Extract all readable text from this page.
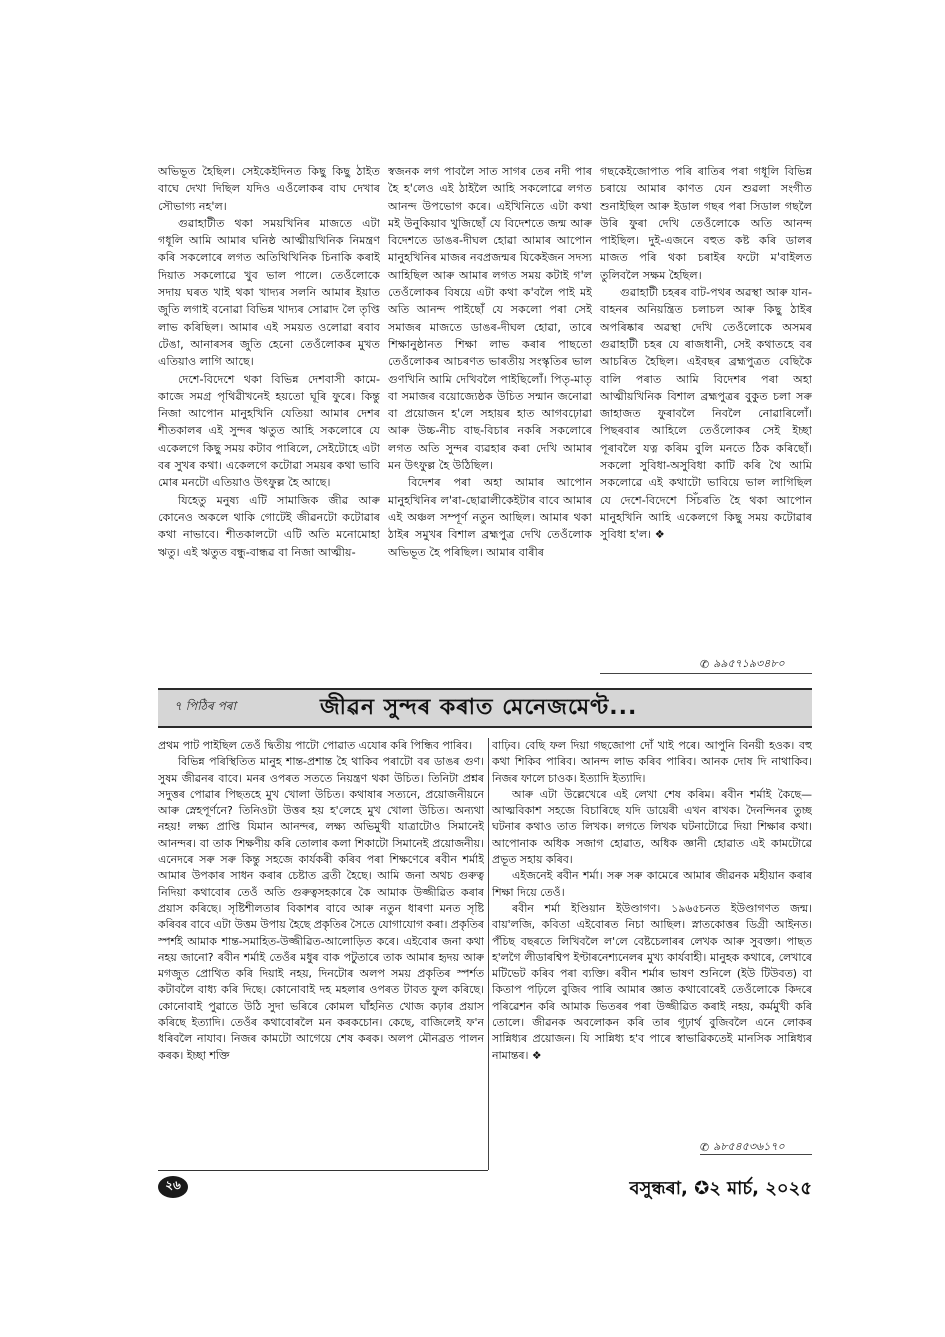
অভিভূত হৈছিল। সেইকেইদিনত কিছু কিছু ঠাইত বাঘে দেখা দিছিল যদিও এওঁলোকৰ বাঘ দেখাৰ সৌভাগ্য নহ'ল।

গুৱাহাটীত থকা সময়খিনিৰ মাজতে এটা গধূলি আমি আমাৰ ঘনিষ্ঠ আত্মীয়খিনিক নিমন্ত্ৰণ কৰি সকলোৰে লগত অতিথিখিনিক চিনাকি কৰাই দিয়াত সকলোৱে খুব ভাল পালে। তেওঁলোকে সদায় ঘৰত খাই থকা খাদ্যৰ সলনি আমাৰ ইয়াত জুতি লগাই বনোৱা বিভিন্ন খাদ্যৰ সোৱাদ লৈ তৃপ্তি লাভ কৰিছিল। আমাৰ এই সময়ত ওলোৱা ৰবাব টেঙা, আনাৰসৰ জুতি হেনো তেওঁলোকৰ মুখত এতিয়াও লাগি আছে।

দেশে-বিদেশে থকা বিভিন্ন দেশবাসী কামে-কাজে সমগ্ৰ পৃথিৱীখনেই হয়তো ঘূৰি ফুৰে। কিন্তু নিজা আপোন মানুহখিনি যেতিয়া আমাৰ দেশৰ শীতকালৰ এই সুন্দৰ ঋতুত আহি সকলোৰে যে একেলগে কিছু সময় কটাব পাৰিলে, সেইটোহে এটা বৰ সুখৰ কথা। একেলগে কটোৱা সময়ৰ কথা ভাবি মোৰ মনটো এতিয়াও উৎফুল্ল হৈ আছে।

যিহেতু মনুষ্য এটি সামাজিক জীৱ আৰু কোনেও অকলে থাকি গোটেই জীৱনটো কটোৱাৰ কথা নাভাবে। শীতকালটো এটি অতি মনোমোহা ঋতু। এই ঋতুত বন্ধু-বান্ধৱ বা নিজা আত্মীয়-

স্বজনক লগ পাবলৈ সাত সাগৰ তেৰ নদী পাৰ হৈ হ'লেও এই ঠাইলৈ আহি সকলোৱে লগত আনন্দ উপভোগ কৰে। এইখিনিতে এটা কথা মই উনুকিয়াব খুজিছোঁ যে বিদেশতে জন্ম আৰু বিদেশতে ডাঙৰ-দীঘল হোৱা আমাৰ আপোন মানুহখিনিৰ মাজৰ নবপ্ৰজন্মৰ যিকেইজন সদস্য আহিছিল আৰু আমাৰ লগত সময় কটাই গ'ল তেওঁলোকৰ বিষয়ে এটা কথা ক'বলৈ পাই মই অতি আনন্দ পাইছোঁ যে সকলো পৰা সেই সমাজৰ মাজতে ডাঙৰ-দীঘল হোৱা, তাৰে শিক্ষানুষ্ঠানত শিক্ষা লাভ কৰাৰ পাছতো তেওঁলোকৰ আচৰণত ভাৰতীয় সংস্কৃতিৰ ভাল গুণখিনি আমি দেখিবলৈ পাইছিলোঁ। পিতৃ-মাতৃ বা সমাজৰ বয়োজ্যেষ্ঠক উচিত সন্মান জনোৱা বা প্ৰয়োজন হ'লে সহায়ৰ হাত আগবঢ়োৱা আৰু উচ্চ-নীচ বাছ-বিচাৰ নকৰি সকলোৰে লগত অতি সুন্দৰ ব্যৱহাৰ কৰা দেখি আমাৰ মন উৎফুল্ল হৈ উঠিছিল।

বিদেশৰ পৰা অহা আমাৰ আপোন মানুহখিনিৰ ল'ৰা-ছোৱালীকেইটাৰ বাবে আমাৰ এই অঞ্চল সম্পূৰ্ণ নতুন আছিল। আমাৰ থকা ঠাইৰ সমুখৰ বিশাল ব্ৰহ্মপুত্ৰ দেখি তেওঁলোক অভিভূত হৈ পৰিছিল। আমাৰ বাৰীৰ

গছকেইজোপাত পৰি ৰাতিৰ পৰা গধূলি বিভিন্ন চৰায়ে আমাৰ কাণত যেন শুৱলা সংগীত শুনাইছিল আৰু ইডাল গছৰ পৰা সিডাল গছলৈ উৰি ফুৰা দেখি তেওঁলোকে অতি আনন্দ পাইছিল। দুই-এজনে বহুত কষ্ট কৰি ডালৰ মাজত পৰি থকা চৰাইৰ ফটো ম'বাইলত তুলিবলৈ সক্ষম হৈছিল।

গুৱাহাটী চহৰৰ বাট-পথৰ অৱস্থা আৰু যান-বাহনৰ অনিয়ন্ত্ৰিত চলাচল আৰু কিছু ঠাইৰ অপৰিষ্কাৰ অৱস্থা দেখি তেওঁলোকে অসমৰ গুৱাহাটী চহৰ যে ৰাজধানী, সেই কথাতহে বৰ আচৰিত হৈছিল। এইবছৰ ব্ৰহ্মপুত্ৰত বেছিকৈ বালি পৰাত আমি বিদেশৰ পৰা অহা আত্মীয়খিনিক বিশাল ব্ৰহ্মপুত্ৰৰ বুকুত চলা সৰু জাহাজত ফুৰাবলৈ নিবলৈ নোৱাৰিলোঁ। পিছৰবাৰ আহিলে তেওঁলোকৰ সেই ইচ্ছা পূৰাবলৈ যত্ন কৰিম বুলি মনতে ঠিক কৰিছোঁ। সকলো সুবিধা-অসুবিধা কাটি কৰি থৈ আমি সকলোৱে এই কথাটো ভাবিয়ে ভাল লাগিছিল যে দেশে-বিদেশে সিঁচৰতি হৈ থকা আপোন মানুহখিনি আহি একেলগে কিছু সময় কটোৱাৰ সুবিধা হ'ল। ❖

✆ ৯৯৫৭১৯৩৪৮০
৭ পিঠিৰ পৰা	জীৱন সুন্দৰ কৰাত মেনেজমেণ্ট...

প্ৰথম পাট পাইছিল তেওঁ দ্বিতীয় পাটো পোৱাত এযোৰ কৰি পিন্ধিব পাৰিব।

বিভিন্ন পৰিস্থিতিত মানুহ শান্ত-প্ৰশান্ত হৈ থাকিব পৰাটো বৰ ডাঙৰ গুণ। সুষম জীৱনৰ বাবে। মনৰ ওপৰত সততে নিয়ন্ত্ৰণ থকা উচিত। তিনিটা প্ৰশ্নৰ সদুত্তৰ পোৱাৰ পিছতহে মুখ খোলা উচিত। কথাষাৰ সত্যনে, প্ৰয়োজনীয়নে আৰু স্নেহপূৰ্ণনে? তিনিওটা উত্তৰ হয় হ'লেহে মুখ খোলা উচিত। অন্যথা নহয়! লক্ষ্য প্ৰাপ্তি যিমান আনন্দৰ, লক্ষ্য অভিমুখী যাত্ৰাটোও সিমানেই আনন্দৰ। বা তাক শিক্ষণীয় কৰি তোলাৰ কলা শিকাটো সিমানেই প্ৰয়োজনীয়। এনেদৰে সৰু সৰু কিন্তু সহজে কাৰ্যকৰী কৰিব পৰা শিক্ষণেৰে ৰবীন শৰ্মাই আমাৰ উপকাৰ সাধন কৰাৰ চেষ্টাত ব্ৰতী হৈছে। আমি জনা অথচ গুৰুত্ব নিদিয়া কথাবোৰ তেওঁ অতি গুৰুত্বসহকাৰে কৈ আমাক উজ্জীৱিত কৰাৰ প্ৰয়াস কৰিছে। সৃষ্টিশীলতাৰ বিকাশৰ বাবে আৰু নতুন ধাৰণা মনত সৃষ্টি কৰিবৰ বাবে এটা উত্তম উপায় হৈছে প্ৰকৃতিৰ সৈতে যোগাযোগ কৰা। প্ৰকৃতিৰ স্পৰ্শই আমাক শান্ত-সমাহিত-উজ্জীৱিত-আলোড়িত কৰে। এইবোৰ জনা কথা নহয় জানো? ৰবীন শৰ্মাই তেওঁৰ মধুৰ বাক পটুতাৰে তাক আমাৰ হৃদয় আৰু মগজুত প্ৰোথিত কৰি দিয়াই নহয়, দিনটোৰ অলপ সময় প্ৰকৃতিৰ স্পৰ্শত কটাবলৈ বাধ্য কৰি দিছে। কোনোবাই দহ মহলাৰ ওপৰত টাবত ফুল কৰিছে। কোনোবাই পুৱাতে উঠি সুদা ভৰিৰে কোমল ঘাঁহনিত খোজ কঢ়াৰ প্ৰয়াস কৰিছে ইত্যাদি। তেওঁৰ কথাবোৰলৈ মন কৰকচোন। কেছে, বাজিলেই ফ'ন ধৰিবলৈ নাযাব। নিজৰ কামটো আগেয়ে শেষ কৰক। অলপ মৌনব্ৰত পালন কৰক। ইচ্ছা শক্তি

বাঢ়িব। বেছি ফল দিয়া গছজোপা দোঁ খাই পৰে। আপুনি বিনয়ী হওক। বহু কথা শিকিব পাৰিব। আনন্দ লাভ কৰিব পাৰিব। আনক দোষ দি নাথাকিব। নিজৰ ফালে চাওক। ইত্যাদি ইত্যাদি।

আৰু এটা উল্লেখেৰে এই লেখা শেষ কৰিম। ৰবীন শৰ্মাই কৈছে— আত্মবিকাশ সহজে বিচাৰিছে যদি ডায়েৰী এখন ৰাখক। দৈনন্দিনৰ তুচ্ছ ঘটনাৰ কথাও তাত লিখক। লগতে লিখক ঘটনাটোৱে দিয়া শিক্ষাৰ কথা। আপোনাক অধিক সজাগ হোৱাত, অধিক জ্ঞানী হোৱাত এই কামটোৱে প্ৰভূত সহায় কৰিব।

এইজনেই ৰবীন শৰ্মা। সৰু সৰু কামেৰে আমাৰ জীৱনক মহীয়ান কৰাৰ শিক্ষা দিয়ে তেওঁ।

ৰবীন শৰ্মা ইণ্ডিয়ান ইউণ্ডাগণ। ১৯৬৫চনত ইউণ্ডাগণত জন্ম। বায়'লজি, কবিতা এইবোৰত নিচা আছিল। স্নাতকোত্তৰ ডিগ্ৰী আইনত। পঁচিছ বছৰতে লিখিবলৈ ল'লে বেষ্টচেলাৰৰ লেখক আৰু সুবক্তা। পাছত হ'লগৈ লীডাৰশ্বিপ ইণ্টাৰনেশ্যনেলৰ মুখ্য কাৰ্যবাহী। মানুহক কথাৰে, লেখাৰে মটিভেট কৰিব পৰা ব্যক্তি। ৰবীন শৰ্মাৰ ভাষণ শুনিলে (ইউ টিউবত) বা কিতাপ পঢ়িলে বুজিব পাৰি আমাৰ জ্ঞাত কথাবোৰেই তেওঁলোকে কিদৰে পৰিৱেশন কৰি আমাক ভিতৰৰ পৰা উজ্জীৱিত কৰাই নহয়, কৰ্মমুখী কৰি তোলে। জীৱনক অবলোকন কৰি তাৰ গূঢ়াৰ্থ বুজিবলৈ এনে লোকৰ সান্নিধ্যৰ প্ৰয়োজন। যি সান্নিধ্য হ'ব পাৰে স্বাভাৱিকতেই মানসিক সান্নিধ্যৰ নামান্তৰ। ❖

✆ ৯৮৫৪৫৩৬১৭০
২৬	বসুন্ধৰা, ✪২ মাৰ্চ, ২০২৫
